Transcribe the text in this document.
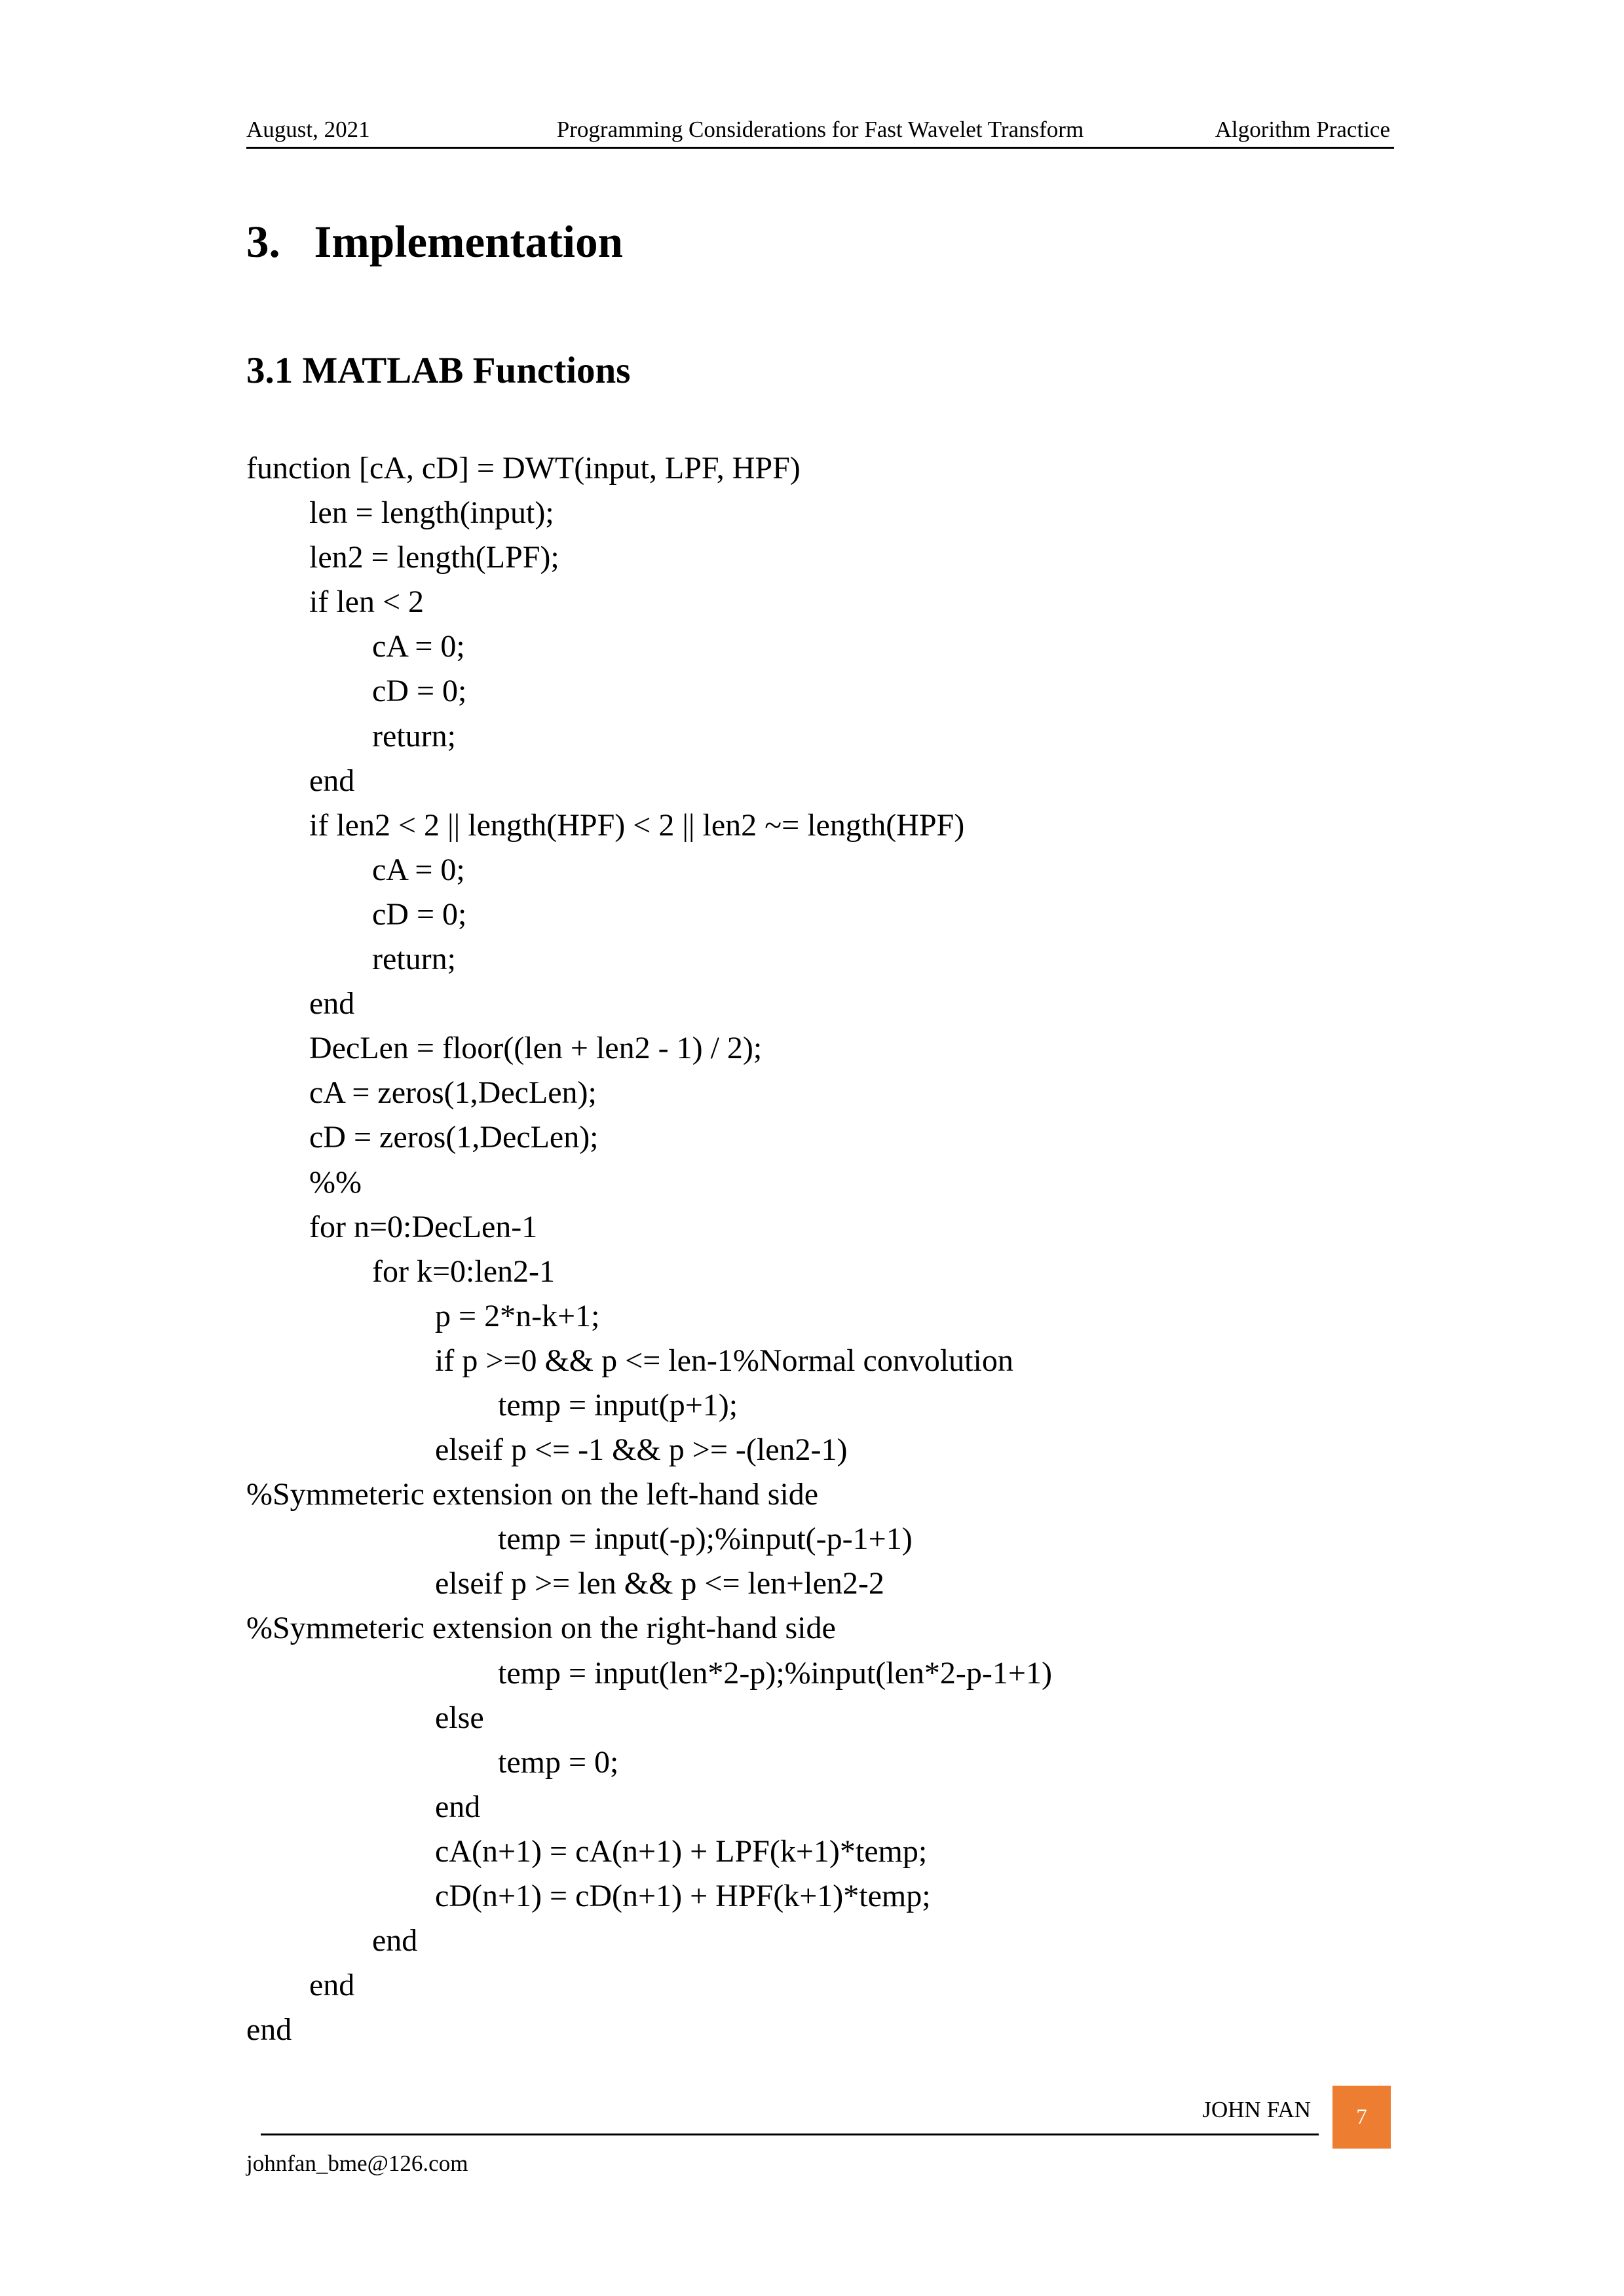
August, 2021	Programming Considerations for Fast Wavelet Transform	Algorithm Practice
3.   Implementation
3.1 MATLAB Functions
function [cA, cD] = DWT(input, LPF, HPF)
len = length(input);
len2 = length(LPF);
if len < 2
cA = 0;
cD = 0;
return;
end
if len2 < 2 || length(HPF) < 2 || len2 ~= length(HPF)
cA = 0;
cD = 0;
return;
end
DecLen = floor((len + len2 - 1) / 2);
cA = zeros(1,DecLen);
cD = zeros(1,DecLen);
%%
for n=0:DecLen-1
for k=0:len2-1
p = 2*n-k+1;
if p >=0 && p <= len-1%Normal convolution
temp = input(p+1);
elseif p <= -1 && p >= -(len2-1)
%Symmeteric extension on the left-hand side
temp = input(-p);%input(-p-1+1)
elseif p >= len && p <= len+len2-2
%Symmeteric extension on the right-hand side
temp = input(len*2-p);%input(len*2-p-1+1)
else
temp = 0;
end
cA(n+1) = cA(n+1) + LPF(k+1)*temp;
cD(n+1) = cD(n+1) + HPF(k+1)*temp;
end
end
end
JOHN FAN	7
johnfan_bme@126.com
